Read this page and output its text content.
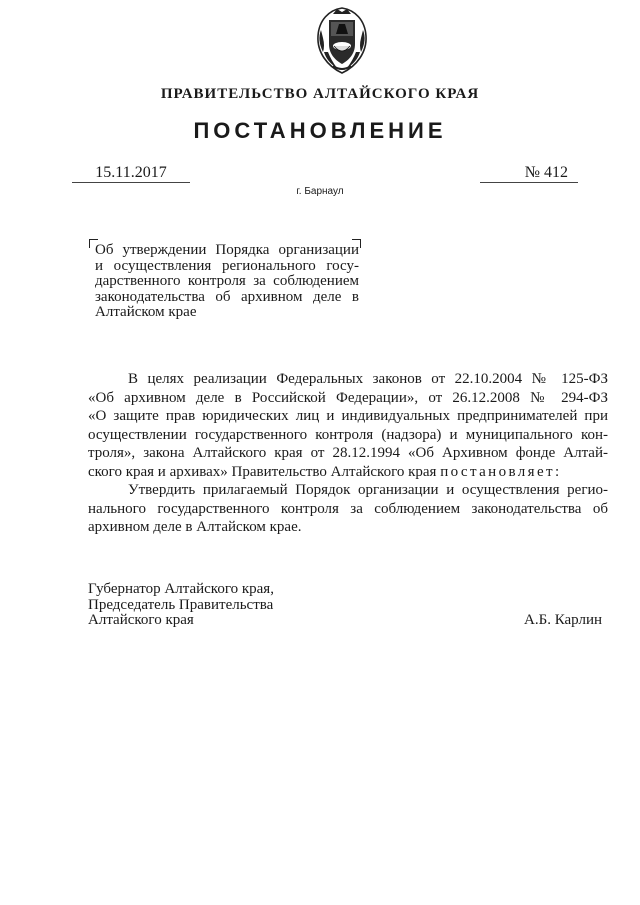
ПРАВИТЕЛЬСТВО АЛТАЙСКОГО КРАЯ
ПОСТАНОВЛЕНИЕ
15.11.2017	№ 412
г. Барнаул
Об утверждении Порядка организации
и осуществления регионального госу-
дарственного контроля за соблюдением
законодательства об архивном деле в
Алтайском крае
В целях реализации Федеральных законов от 22.10.2004 № 125-ФЗ
«Об архивном деле в Российской Федерации», от 26.12.2008 № 294-ФЗ
«О защите прав юридических лиц и индивидуальных предпринимателей при
осуществлении государственного контроля (надзора) и муниципального кон-
троля», закона Алтайского края от 28.12.1994 «Об Архивном фонде Алтай-
ского края и архивах» Правительство Алтайского края постановляет:
Утвердить прилагаемый Порядок организации и осуществления регио-
нального государственного контроля за соблюдением законодательства об
архивном деле в Алтайском крае.
Губернатор Алтайского края,
Председатель Правительства
Алтайского края	А.Б. Карлин
